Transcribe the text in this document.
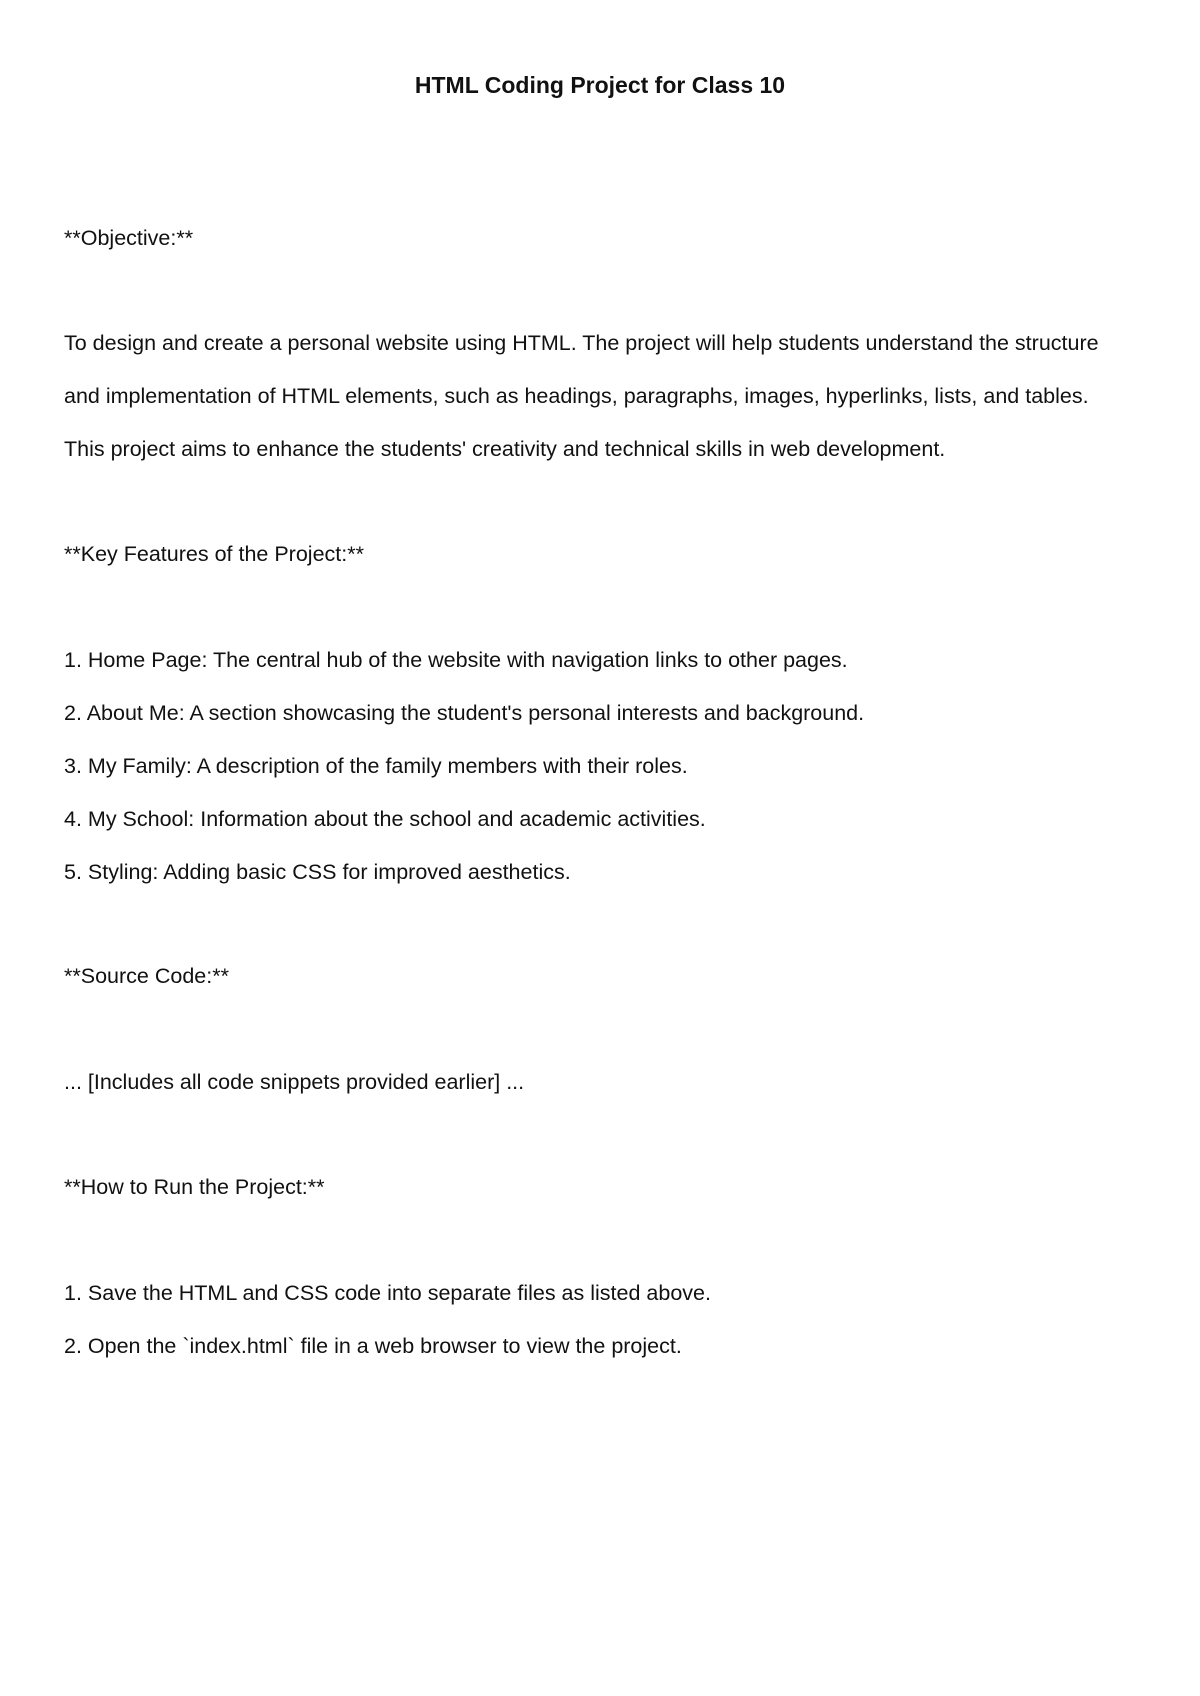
HTML Coding Project for Class 10
**Objective:**
To design and create a personal website using HTML. The project will help students understand the structure
and implementation of HTML elements, such as headings, paragraphs, images, hyperlinks, lists, and tables.
This project aims to enhance the students' creativity and technical skills in web development.
**Key Features of the Project:**
1. Home Page: The central hub of the website with navigation links to other pages.
2. About Me: A section showcasing the student's personal interests and background.
3. My Family: A description of the family members with their roles.
4. My School: Information about the school and academic activities.
5. Styling: Adding basic CSS for improved aesthetics.
**Source Code:**
... [Includes all code snippets provided earlier] ...
**How to Run the Project:**
1. Save the HTML and CSS code into separate files as listed above.
2. Open the `index.html` file in a web browser to view the project.
